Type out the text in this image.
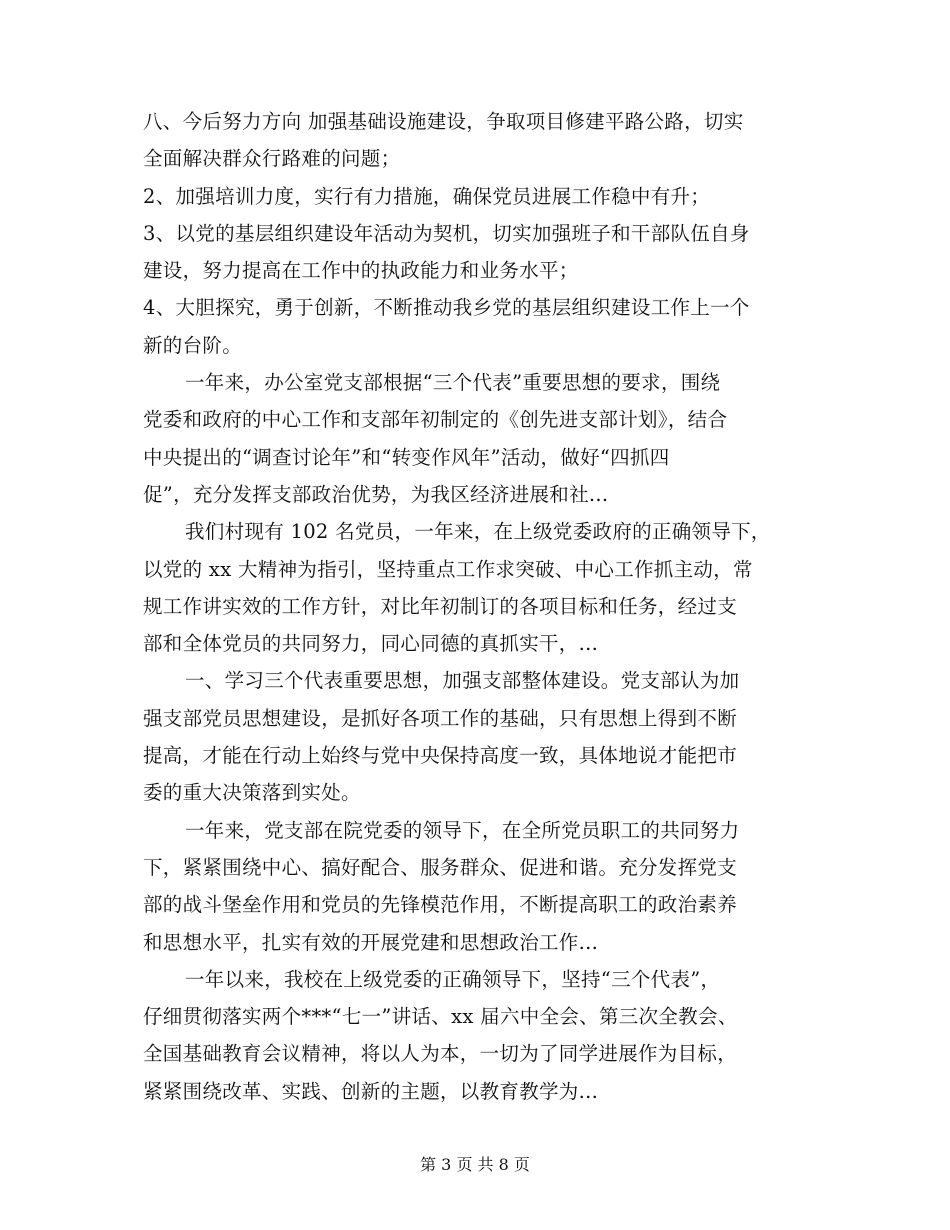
八、今后努力方向 加强基础设施建设，争取项目修建平路公路，切实
全面解决群众行路难的问题；
2、加强培训力度，实行有力措施，确保党员进展工作稳中有升；
3、以党的基层组织建设年活动为契机，切实加强班子和干部队伍自身
建设，努力提高在工作中的执政能力和业务水平；
4、大胆探究，勇于创新，不断推动我乡党的基层组织建设工作上一个
新的台阶。
一年来，办公室党支部根据“三个代表”重要思想的要求，围绕
党委和政府的中心工作和支部年初制定的《创先进支部计划》，结合
中央提出的“调查讨论年”和“转变作风年”活动，做好“四抓四
促”，充分发挥支部政治优势，为我区经济进展和社...
我们村现有 102 名党员，一年来，在上级党委政府的正确领导下，
以党的 xx 大精神为指引，坚持重点工作求突破、中心工作抓主动，常
规工作讲实效的工作方针，对比年初制订的各项目标和任务，经过支
部和全体党员的共同努力，同心同德的真抓实干，...
一、学习三个代表重要思想，加强支部整体建设。党支部认为加
强支部党员思想建设，是抓好各项工作的基础，只有思想上得到不断
提高，才能在行动上始终与党中央保持高度一致，具体地说才能把市
委的重大决策落到实处。
一年来，党支部在院党委的领导下，在全所党员职工的共同努力
下，紧紧围绕中心、搞好配合、服务群众、促进和谐。充分发挥党支
部的战斗堡垒作用和党员的先锋模范作用，不断提高职工的政治素养
和思想水平，扎实有效的开展党建和思想政治工作...
一年以来，我校在上级党委的正确领导下，坚持“三个代表”，
仔细贯彻落实两个***“七一”讲话、xx 届六中全会、第三次全教会、
全国基础教育会议精神，将以人为本，一切为了同学进展作为目标，
紧紧围绕改革、实践、创新的主题，以教育教学为...
第 3 页 共 8 页
